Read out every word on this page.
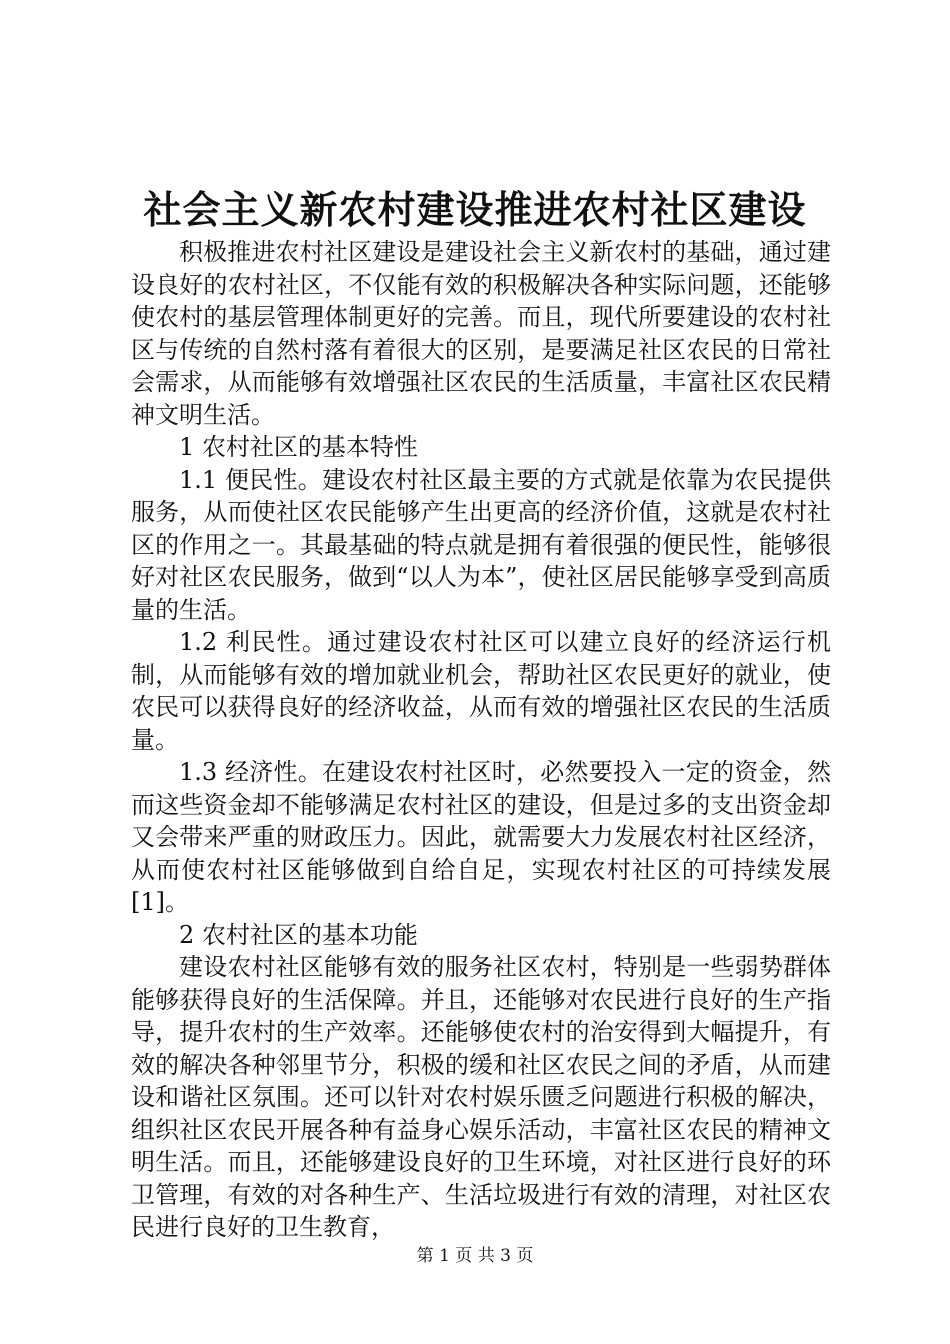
社会主义新农村建设推进农村社区建设

积极推进农村社区建设是建设社会主义新农村的基础，通过建设良好的农村社区，不仅能有效的积极解决各种实际问题，还能够使农村的基层管理体制更好的完善。而且，现代所要建设的农村社区与传统的自然村落有着很大的区别，是要满足社区农民的日常社会需求，从而能够有效增强社区农民的生活质量，丰富社区农民精神文明生活。

1 农村社区的基本特性

1.1 便民性。建设农村社区最主要的方式就是依靠为农民提供服务，从而使社区农民能够产生出更高的经济价值，这就是农村社区的作用之一。其最基础的特点就是拥有着很强的便民性，能够很好对社区农民服务，做到“以人为本”，使社区居民能够享受到高质量的生活。

1.2 利民性。通过建设农村社区可以建立良好的经济运行机制，从而能够有效的增加就业机会，帮助社区农民更好的就业，使农民可以获得良好的经济收益，从而有效的增强社区农民的生活质量。

1.3 经济性。在建设农村社区时，必然要投入一定的资金，然而这些资金却不能够满足农村社区的建设，但是过多的支出资金却又会带来严重的财政压力。因此，就需要大力发展农村社区经济，从而使农村社区能够做到自给自足，实现农村社区的可持续发展[1]。

2 农村社区的基本功能

建设农村社区能够有效的服务社区农村，特别是一些弱势群体能够获得良好的生活保障。并且，还能够对农民进行良好的生产指导，提升农村的生产效率。还能够使农村的治安得到大幅提升，有效的解决各种邻里节分，积极的缓和社区农民之间的矛盾，从而建设和谐社区氛围。还可以针对农村娱乐匮乏问题进行积极的解决，组织社区农民开展各种有益身心娱乐活动，丰富社区农民的精神文明生活。而且，还能够建设良好的卫生环境，对社区进行良好的环卫管理，有效的对各种生产、生活垃圾进行有效的清理，对社区农民进行良好的卫生教育，

第 1 页 共 3 页
